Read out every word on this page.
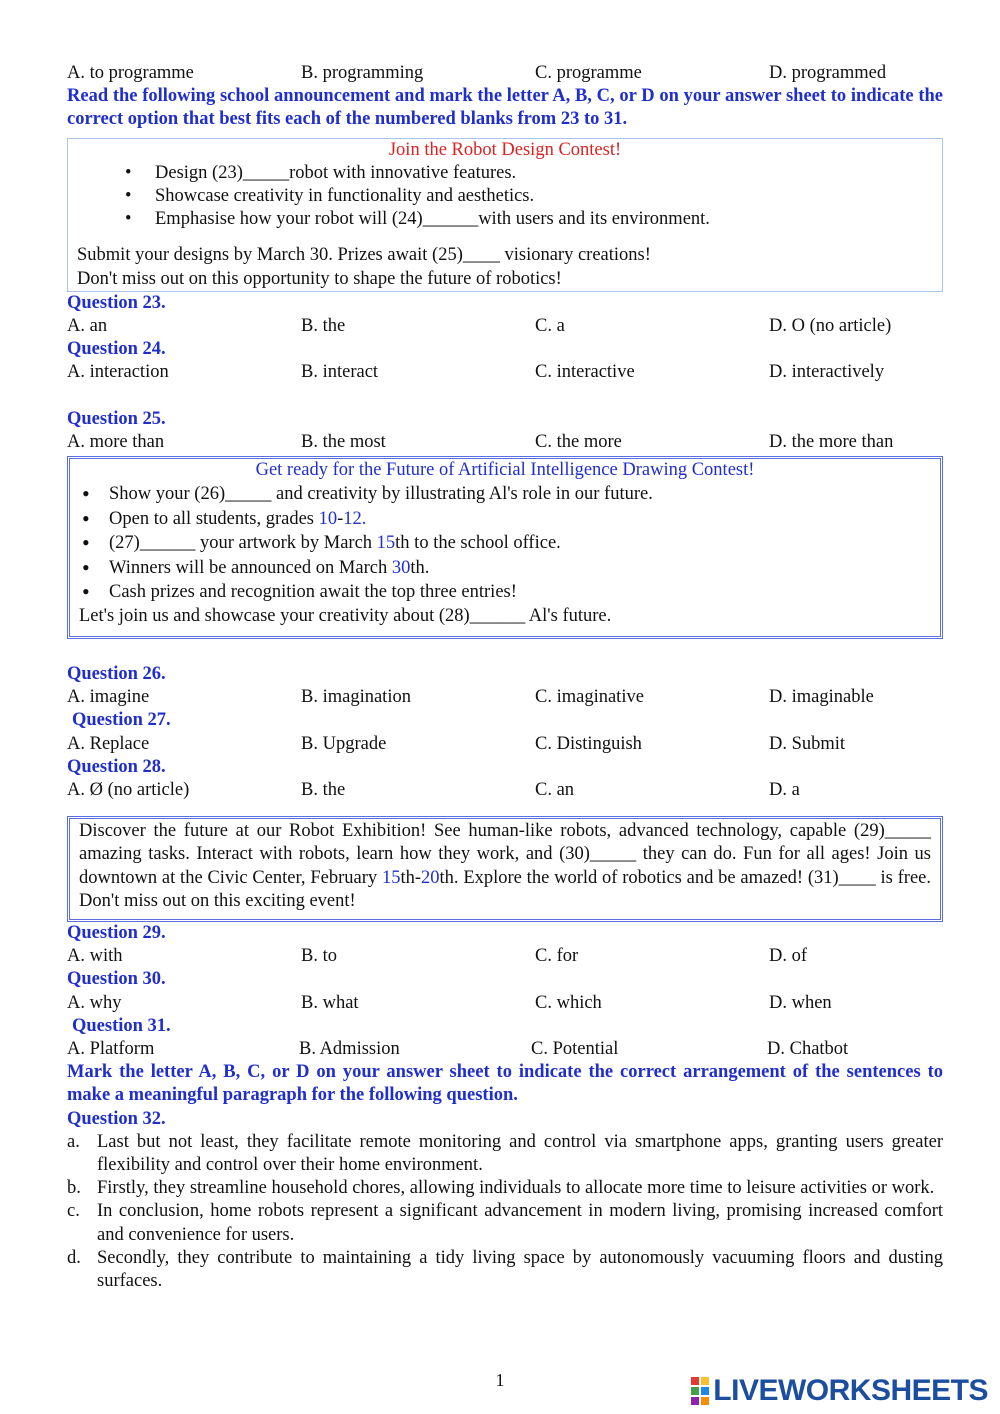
A. to programme	B. programming	C. programme	D. programmed
Read the following school announcement and mark the letter A, B, C, or D on your answer sheet to indicate the correct option that best fits each of the numbered blanks from 23 to 31.
Join the Robot Design Contest!
• Design (23)_____robot with innovative features.
• Showcase creativity in functionality and aesthetics.
• Emphasise how your robot will (24)______with users and its environment.
Submit your designs by March 30. Prizes await (25)____ visionary creations!
Don't miss out on this opportunity to shape the future of robotics!
Question 23.
A. an	B. the	C. a	D. O (no article)
Question 24.
A. interaction	B. interact	C. interactive	D. interactively
Question 25.
A. more than	B. the most	C. the more	D. the more than
Get ready for the Future of Artificial Intelligence Drawing Contest!
• Show your (26)_____ and creativity by illustrating Al's role in our future.
• Open to all students, grades 10-12.
• (27)______ your artwork by March 15th to the school office.
• Winners will be announced on March 30th.
• Cash prizes and recognition await the top three entries!
Let's join us and showcase your creativity about (28)______ Al's future.
Question 26.
A. imagine	B. imagination	C. imaginative	D. imaginable
Question 27.
A. Replace	B. Upgrade	C. Distinguish	D. Submit
Question 28.
A. Ø (no article)	B. the	C. an	D. a
Discover the future at our Robot Exhibition! See human-like robots, advanced technology, capable (29)_____ amazing tasks. Interact with robots, learn how they work, and (30)_____ they can do. Fun for all ages! Join us downtown at the Civic Center, February 15th-20th. Explore the world of robotics and be amazed! (31)____ is free. Don't miss out on this exciting event!
Question 29.
A. with	B. to	C. for	D. of
Question 30.
A. why	B. what	C. which	D. when
Question 31.
A. Platform	B. Admission	C. Potential	D. Chatbot
Mark the letter A, B, C, or D on your answer sheet to indicate the correct arrangement of the sentences to make a meaningful paragraph for the following question.
Question 32.
a. Last but not least, they facilitate remote monitoring and control via smartphone apps, granting users greater flexibility and control over their home environment.
b. Firstly, they streamline household chores, allowing individuals to allocate more time to leisure activities or work.
c. In conclusion, home robots represent a significant advancement in modern living, promising increased comfort and convenience for users.
d. Secondly, they contribute to maintaining a tidy living space by autonomously vacuuming floors and dusting surfaces.
1	LIVEWORKSHEETS
